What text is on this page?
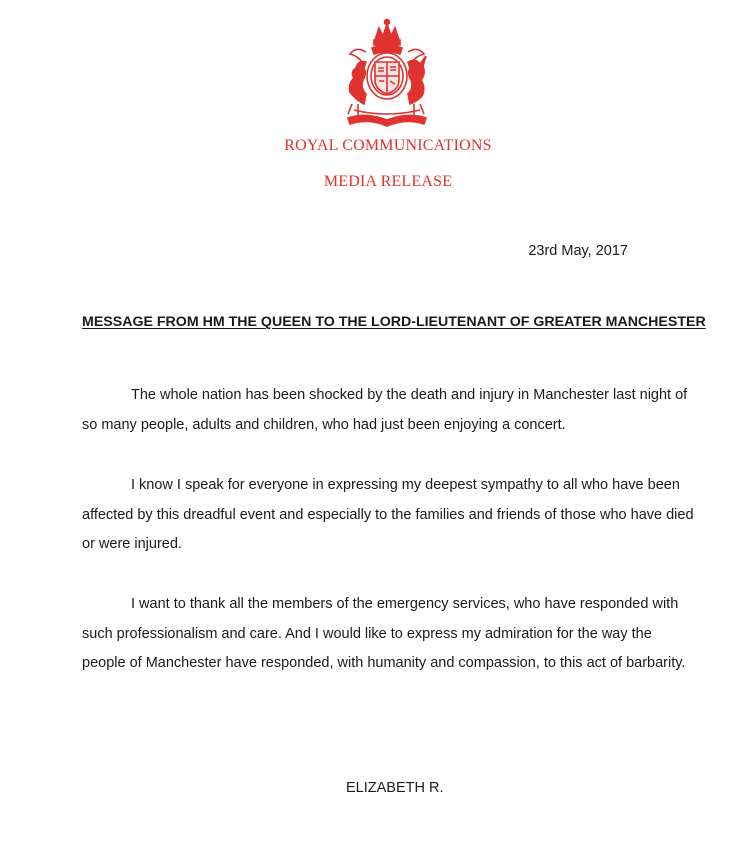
ROYAL COMMUNICATIONS
MEDIA RELEASE
23rd May, 2017
MESSAGE FROM HM THE QUEEN TO THE LORD-LIEUTENANT OF GREATER MANCHESTER

The whole nation has been shocked by the death and injury in Manchester last night of so many people, adults and children, who had just been enjoying a concert.

I know I speak for everyone in expressing my deepest sympathy to all who have been affected by this dreadful event and especially to the families and friends of those who have died or were injured.

I want to thank all the members of the emergency services, who have responded with such professionalism and care. And I would like to express my admiration for the way the people of Manchester have responded, with humanity and compassion, to this act of barbarity.

ELIZABETH R.
